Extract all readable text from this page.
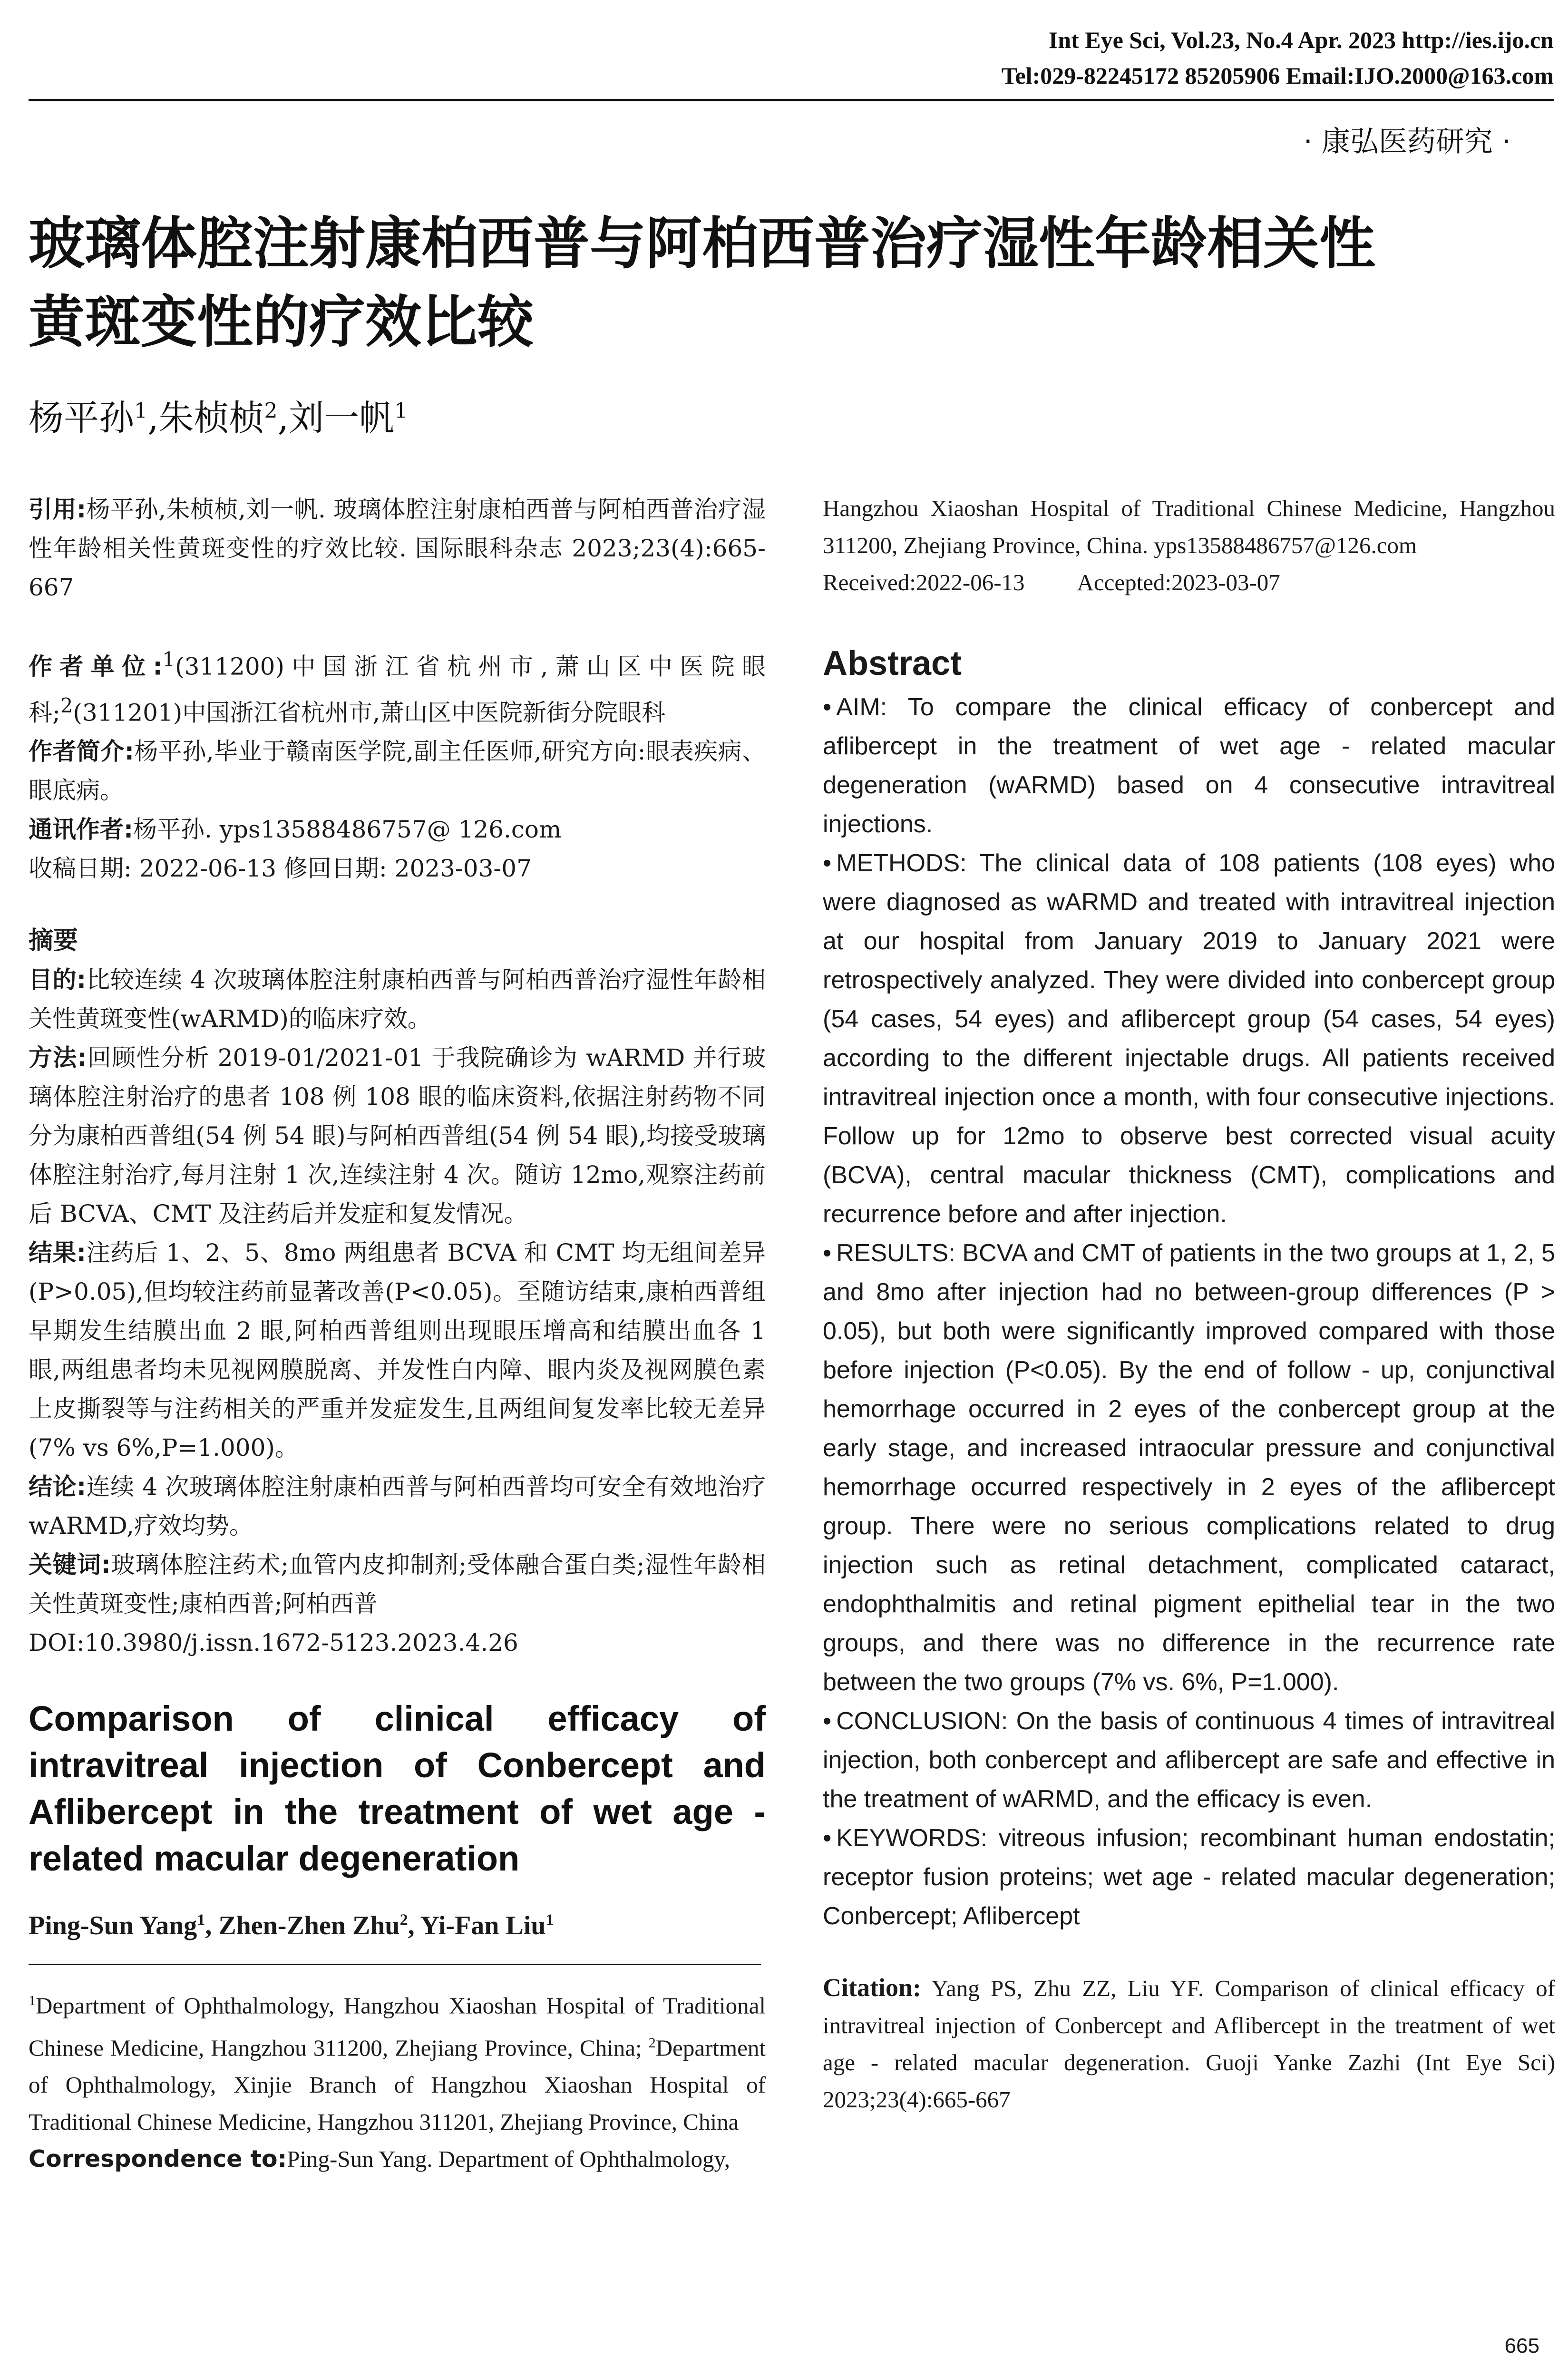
Int Eye Sci, Vol.23, No.4 Apr. 2023 http://ies.ijo.cn
Tel:029-82245172 85205906 Email:IJO.2000@163.com
· 康弘医药研究 ·
玻璃体腔注射康柏西普与阿柏西普治疗湿性年龄相关性
黄斑变性的疗效比较
杨平孙$^1$,朱桢桢$^2$,刘一帆$^1$
引用:杨平孙,朱桢桢,刘一帆. 玻璃体腔注射康柏西普与阿柏西普治疗湿性年龄相关性黄斑变性的疗效比较. 国际眼科杂志 2023;23(4):665-667
作者单位:$^1$(311200)中国浙江省杭州市,萧山区中医院眼科;$^2$(311201)中国浙江省杭州市,萧山区中医院新街分院眼科
作者简介:杨平孙,毕业于赣南医学院,副主任医师,研究方向:眼表疾病、眼底病。
通讯作者:杨平孙. yps13588486757@ 126.com
收稿日期: 2022-06-13 修回日期: 2023-03-07
摘要
目的:比较连续 4 次玻璃体腔注射康柏西普与阿柏西普治疗湿性年龄相关性黄斑变性(wARMD)的临床疗效。
方法:回顾性分析 2019-01/2021-01 于我院确诊为 wARMD 并行玻璃体腔注射治疗的患者 108 例 108 眼的临床资料,依据注射药物不同分为康柏西普组(54 例 54 眼)与阿柏西普组(54 例 54 眼),均接受玻璃体腔注射治疗,每月注射 1 次,连续注射 4 次。随访 12mo,观察注药前后 BCVA、CMT 及注药后并发症和复发情况。
结果:注药后 1、2、5、8mo 两组患者 BCVA 和 CMT 均无组间差异(P>0.05),但均较注药前显著改善(P<0.05)。至随访结束,康柏西普组早期发生结膜出血 2 眼,阿柏西普组则出现眼压增高和结膜出血各 1 眼,两组患者均未见视网膜脱离、并发性白内障、眼内炎及视网膜色素上皮撕裂等与注药相关的严重并发症发生,且两组间复发率比较无差异(7% vs 6%,P=1.000)。
结论:连续 4 次玻璃体腔注射康柏西普与阿柏西普均可安全有效地治疗 wARMD,疗效均势。
关键词:玻璃体腔注药术;血管内皮抑制剂;受体融合蛋白类;湿性年龄相关性黄斑变性;康柏西普;阿柏西普
DOI:10.3980/j.issn.1672-5123.2023.4.26
Comparison of clinical efficacy of intravitreal injection of Conbercept and Aflibercept in the treatment of wet age - related macular degeneration
Ping-Sun Yang$^1$, Zhen-Zhen Zhu$^2$, Yi-Fan Liu$^1$
$^1$Department of Ophthalmology, Hangzhou Xiaoshan Hospital of Traditional Chinese Medicine, Hangzhou 311200, Zhejiang Province, China; $^2$Department of Ophthalmology, Xinjie Branch of Hangzhou Xiaoshan Hospital of Traditional Chinese Medicine, Hangzhou 311201, Zhejiang Province, China
Correspondence to:Ping-Sun Yang. Department of Ophthalmology,
Hangzhou Xiaoshan Hospital of Traditional Chinese Medicine, Hangzhou 311200, Zhejiang Province, China. yps13588486757@126.com
Received:2022-06-13 Accepted:2023-03-07
Abstract
• AIM: To compare the clinical efficacy of conbercept and aflibercept in the treatment of wet age - related macular degeneration (wARMD) based on 4 consecutive intravitreal injections.
• METHODS: The clinical data of 108 patients (108 eyes) who were diagnosed as wARMD and treated with intravitreal injection at our hospital from January 2019 to January 2021 were retrospectively analyzed. They were divided into conbercept group (54 cases, 54 eyes) and aflibercept group (54 cases, 54 eyes) according to the different injectable drugs. All patients received intravitreal injection once a month, with four consecutive injections. Follow up for 12mo to observe best corrected visual acuity (BCVA), central macular thickness (CMT), complications and recurrence before and after injection.
• RESULTS: BCVA and CMT of patients in the two groups at 1, 2, 5 and 8mo after injection had no between-group differences (P > 0.05), but both were significantly improved compared with those before injection (P<0.05). By the end of follow - up, conjunctival hemorrhage occurred in 2 eyes of the conbercept group at the early stage, and increased intraocular pressure and conjunctival hemorrhage occurred respectively in 2 eyes of the aflibercept group. There were no serious complications related to drug injection such as retinal detachment, complicated cataract, endophthalmitis and retinal pigment epithelial tear in the two groups, and there was no difference in the recurrence rate between the two groups (7% vs. 6%, P=1.000).
• CONCLUSION: On the basis of continuous 4 times of intravitreal injection, both conbercept and aflibercept are safe and effective in the treatment of wARMD, and the efficacy is even.
• KEYWORDS: vitreous infusion; recombinant human endostatin; receptor fusion proteins; wet age - related macular degeneration; Conbercept; Aflibercept
Citation: Yang PS, Zhu ZZ, Liu YF. Comparison of clinical efficacy of intravitreal injection of Conbercept and Aflibercept in the treatment of wet age - related macular degeneration. Guoji Yanke Zazhi (Int Eye Sci) 2023;23(4):665-667
665
